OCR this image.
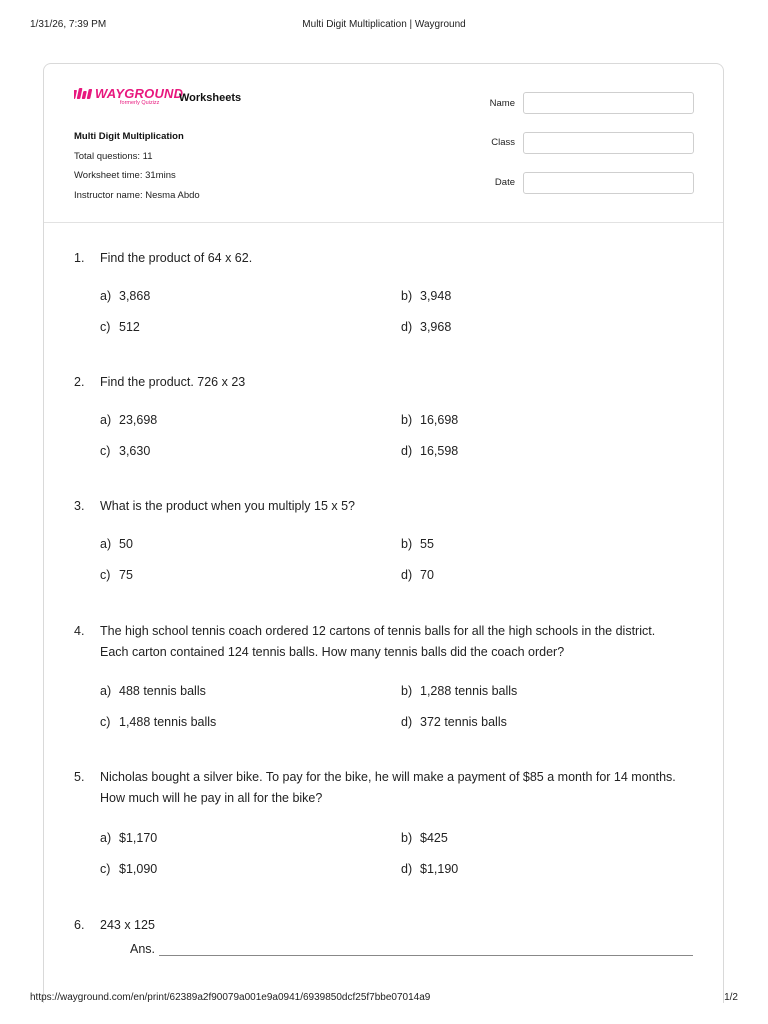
1/31/26, 7:39 PM	Multi Digit Multiplication | Wayground
WAYGROUND
formerly Quizizz	Worksheets
Multi Digit Multiplication
Total questions: 11
Worksheet time: 31mins
Instructor name: Nesma Abdo
Name
Class
Date
1.	Find the product of 64 x 62.
a) 3,868	b) 3,948
c) 512	d) 3,968
2.	Find the product. 726 x 23
a) 23,698	b) 16,698
c) 3,630	d) 16,598
3.	What is the product when you multiply 15 x 5?
a) 50	b) 55
c) 75	d) 70
4.	The high school tennis coach ordered 12 cartons of tennis balls for all the high schools in the district.
Each carton contained 124 tennis balls. How many tennis balls did the coach order?
a) 488 tennis balls	b) 1,288 tennis balls
c) 1,488 tennis balls	d) 372 tennis balls
5.	Nicholas bought a silver bike. To pay for the bike, he will make a payment of $85 a month for 14 months.
How much will he pay in all for the bike?
a) $1,170	b) $425
c) $1,090	d) $1,190
6.	243 x 125
Ans.
https://wayground.com/en/print/62389a2f90079a001e9a0941/6939850dcf25f7bbe07014a9	1/2
